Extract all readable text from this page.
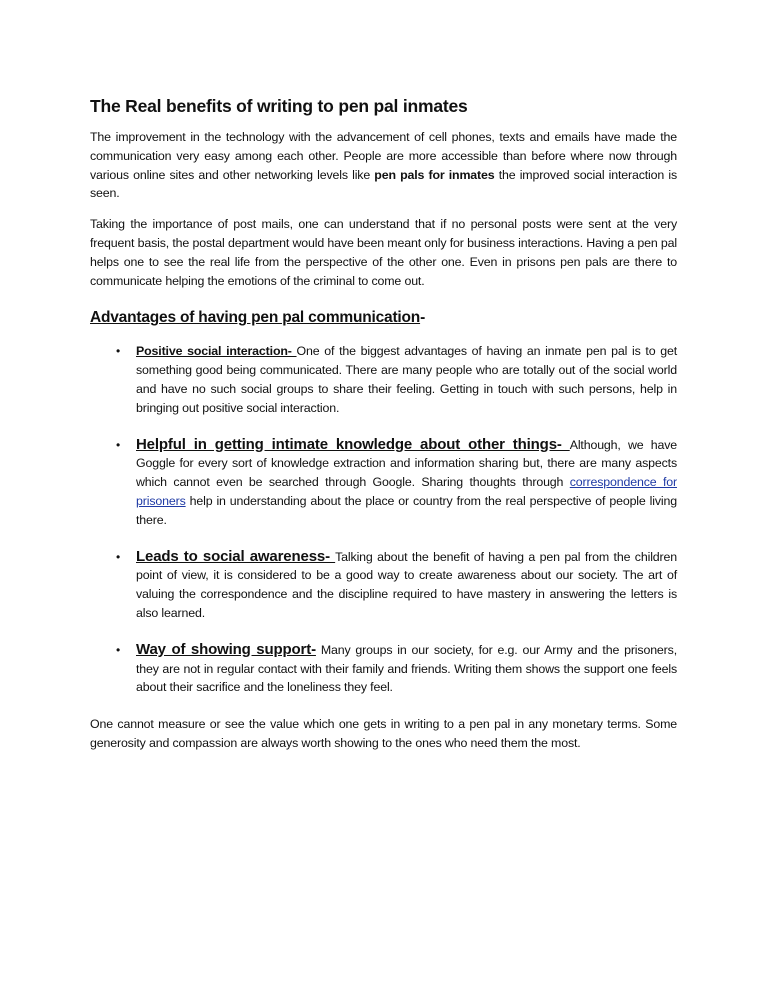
The Real benefits of writing to pen pal inmates

The improvement in the technology with the advancement of cell phones, texts and emails have made the communication very easy among each other. People are more accessible than before where now through various online sites and other networking levels like pen pals for inmates the improved social interaction is seen.

Taking the importance of post mails, one can understand that if no personal posts were sent at the very frequent basis, the postal department would have been meant only for business interactions. Having a pen pal helps one to see the real life from the perspective of the other one. Even in prisons pen pals are there to communicate helping the emotions of the criminal to come out.

Advantages of having pen pal communication-
• Positive social interaction- One of the biggest advantages of having an inmate pen pal is to get something good being communicated. There are many people who are totally out of the social world and have no such social groups to share their feeling. Getting in touch with such persons, help in bringing out positive social interaction.
• Helpful in getting intimate knowledge about other things- Although, we have Goggle for every sort of knowledge extraction and information sharing but, there are many aspects which cannot even be searched through Google. Sharing thoughts through correspondence for prisoners help in understanding about the place or country from the real perspective of people living there.
• Leads to social awareness- Talking about the benefit of having a pen pal from the children point of view, it is considered to be a good way to create awareness about our society. The art of valuing the correspondence and the discipline required to have mastery in answering the letters is also learned.
• Way of showing support- Many groups in our society, for e.g. our Army and the prisoners, they are not in regular contact with their family and friends. Writing them shows the support one feels about their sacrifice and the loneliness they feel.

One cannot measure or see the value which one gets in writing to a pen pal in any monetary terms. Some generosity and compassion are always worth showing to the ones who need them the most.
